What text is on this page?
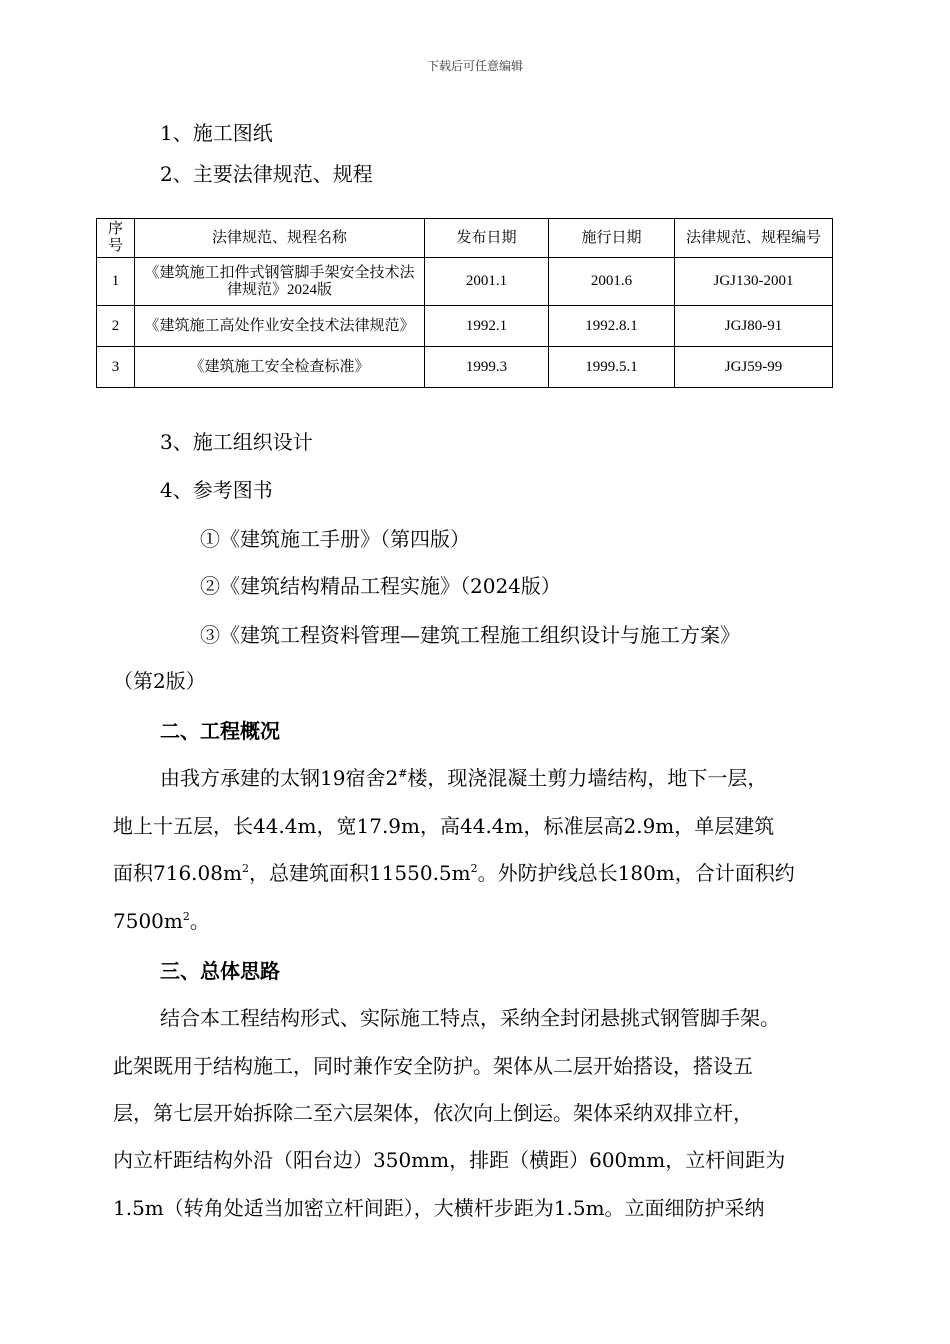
下载后可任意编辑
1、施工图纸
2、主要法律规范、规程
序号	法律规范、规程名称	发布日期	施行日期	法律规范、规程编号
1	《建筑施工扣件式钢管脚手架安全技术法律规范》2024版	2001.1	2001.6	JGJ130-2001
2	《建筑施工高处作业安全技术法律规范》	1992.1	1992.8.1	JGJ80-91
3	《建筑施工安全检查标准》	1999.3	1999.5.1	JGJ59-99
3、施工组织设计
4、参考图书
①《建筑施工手册》（第四版）
②《建筑结构精品工程实施》（2024版）
③《建筑工程资料管理—建筑工程施工组织设计与施工方案》
（第2版）
二、工程概况
由我方承建的太钢19宿舍2#楼，现浇混凝土剪力墙结构，地下一层，
地上十五层，长44.4m，宽17.9m，高44.4m，标准层高2.9m，单层建筑
面积$716.08m^2$，总建筑面积$11550.5m^2$。外防护线总长180m，合计面积约
$7500m^2$。
三、总体思路
结合本工程结构形式、实际施工特点，采纳全封闭悬挑式钢管脚手架。
此架既用于结构施工，同时兼作安全防护。架体从二层开始搭设，搭设五
层，第七层开始拆除二至六层架体，依次向上倒运。架体采纳双排立杆，
内立杆距结构外沿（阳台边）350mm，排距（横距）600mm，立杆间距为
1.5m（转角处适当加密立杆间距），大横杆步距为1.5m。立面细防护采纳
